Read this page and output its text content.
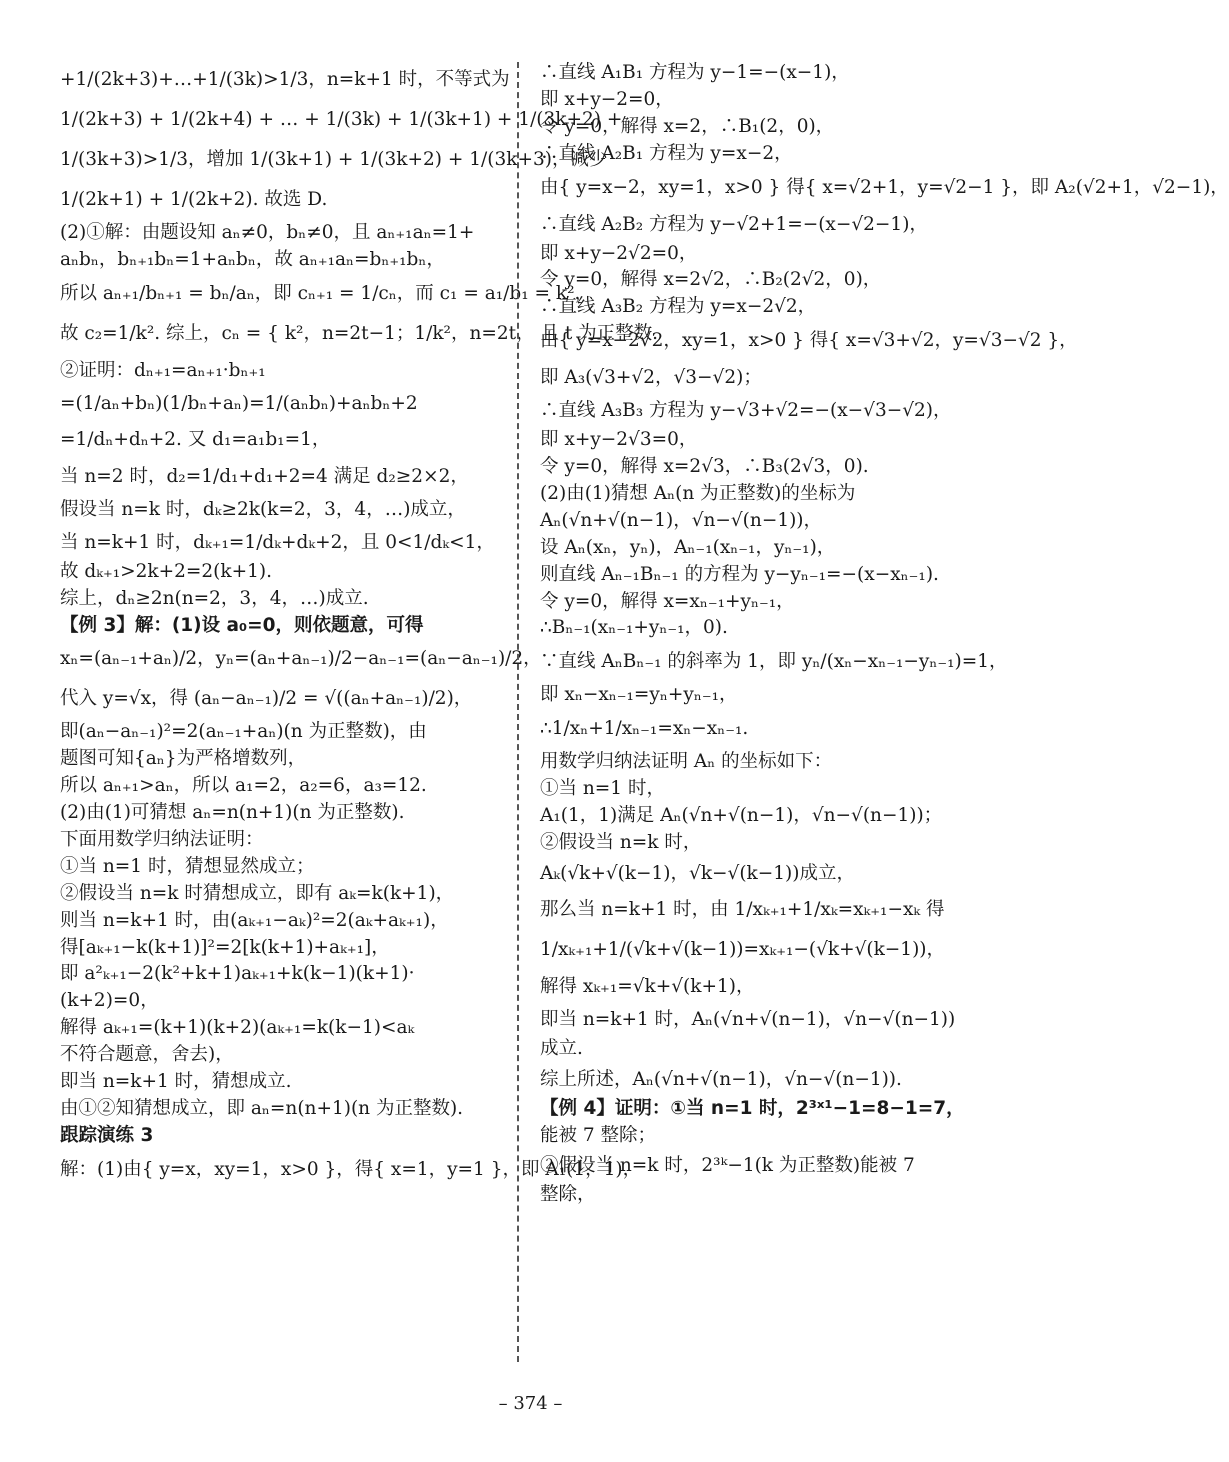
+1/(2k+3)+…+1/(3k)>1/3，n=k+1 时，不等式为
1/(2k+3) + 1/(2k+4) + … + 1/(3k) + 1/(3k+1) + 1/(3k+2) +
1/(3k+3)>1/3，增加 1/(3k+1) + 1/(3k+2) + 1/(3k+3)，减少
1/(2k+1) + 1/(2k+2). 故选 D.
(2)①解：由题设知 aₙ≠0，bₙ≠0，且 aₙ₊₁aₙ=1+
aₙbₙ，bₙ₊₁bₙ=1+aₙbₙ，故 aₙ₊₁aₙ=bₙ₊₁bₙ，
所以 aₙ₊₁/bₙ₊₁ = bₙ/aₙ，即 cₙ₊₁ = 1/cₙ，而 c₁ = a₁/b₁ = k²，
故 c₂=1/k². 综上，cₙ = { k²，n=2t−1；1/k²，n=2t， 且 t 为正整数.
②证明：dₙ₊₁=aₙ₊₁·bₙ₊₁
=(1/aₙ+bₙ)(1/bₙ+aₙ)=1/(aₙbₙ)+aₙbₙ+2
=1/dₙ+dₙ+2. 又 d₁=a₁b₁=1，
当 n=2 时，d₂=1/d₁+d₁+2=4 满足 d₂≥2×2，
假设当 n=k 时，dₖ≥2k(k=2，3，4，…)成立，
当 n=k+1 时，dₖ₊₁=1/dₖ+dₖ+2，且 0<1/dₖ<1，
故 dₖ₊₁>2k+2=2(k+1).
综上，dₙ≥2n(n=2，3，4，…)成立.
【例 3】解：(1)设 a₀=0，则依题意，可得
xₙ=(aₙ₋₁+aₙ)/2，yₙ=(aₙ+aₙ₋₁)/2−aₙ₋₁=(aₙ−aₙ₋₁)/2，
代入 y=√x，得 (aₙ−aₙ₋₁)/2 = √((aₙ+aₙ₋₁)/2)，
即(aₙ−aₙ₋₁)²=2(aₙ₋₁+aₙ)(n 为正整数)，由
题图可知{aₙ}为严格增数列，
所以 aₙ₊₁>aₙ，所以 a₁=2，a₂=6，a₃=12.
(2)由(1)可猜想 aₙ=n(n+1)(n 为正整数).
下面用数学归纳法证明：
①当 n=1 时，猜想显然成立；
②假设当 n=k 时猜想成立，即有 aₖ=k(k+1)，
则当 n=k+1 时，由(aₖ₊₁−aₖ)²=2(aₖ+aₖ₊₁)，
得[aₖ₊₁−k(k+1)]²=2[k(k+1)+aₖ₊₁]，
即 a²ₖ₊₁−2(k²+k+1)aₖ₊₁+k(k−1)(k+1)·
(k+2)=0，
解得 aₖ₊₁=(k+1)(k+2)(aₖ₊₁=k(k−1)<aₖ
不符合题意，舍去)，
即当 n=k+1 时，猜想成立.
由①②知猜想成立，即 aₙ=n(n+1)(n 为正整数).
跟踪演练 3
解：(1)由{ y=x，xy=1，x>0 }，得{ x=1，y=1 }，即 A₁(1，1)，
∴直线 A₁B₁ 方程为 y−1=−(x−1)，
即 x+y−2=0，
令 y=0，解得 x=2，∴B₁(2，0)，
∴直线 A₂B₁ 方程为 y=x−2，
由{ y=x−2，xy=1，x>0 } 得{ x=√2+1，y=√2−1 }，即 A₂(√2+1，√2−1)，
∴直线 A₂B₂ 方程为 y−√2+1=−(x−√2−1)，
即 x+y−2√2=0，
令 y=0，解得 x=2√2，∴B₂(2√2，0)，
∴直线 A₃B₂ 方程为 y=x−2√2，
由{ y=x−2√2，xy=1，x>0 } 得{ x=√3+√2，y=√3−√2 }，
即 A₃(√3+√2，√3−√2)；
∴直线 A₃B₃ 方程为 y−√3+√2=−(x−√3−√2)，
即 x+y−2√3=0，
令 y=0，解得 x=2√3，∴B₃(2√3，0).
(2)由(1)猜想 Aₙ(n 为正整数)的坐标为
Aₙ(√n+√(n−1)，√n−√(n−1))，
设 Aₙ(xₙ，yₙ)，Aₙ₋₁(xₙ₋₁，yₙ₋₁)，
则直线 Aₙ₋₁Bₙ₋₁ 的方程为 y−yₙ₋₁=−(x−xₙ₋₁).
令 y=0，解得 x=xₙ₋₁+yₙ₋₁，
∴Bₙ₋₁(xₙ₋₁+yₙ₋₁，0).
∵直线 AₙBₙ₋₁ 的斜率为 1，即 yₙ/(xₙ−xₙ₋₁−yₙ₋₁)=1，
即 xₙ−xₙ₋₁=yₙ+yₙ₋₁，
∴1/xₙ+1/xₙ₋₁=xₙ−xₙ₋₁.
用数学归纳法证明 Aₙ 的坐标如下：
①当 n=1 时，
A₁(1，1)满足 Aₙ(√n+√(n−1)，√n−√(n−1))；
②假设当 n=k 时，
Aₖ(√k+√(k−1)，√k−√(k−1))成立，
那么当 n=k+1 时，由 1/xₖ₊₁+1/xₖ=xₖ₊₁−xₖ 得
1/xₖ₊₁+1/(√k+√(k−1))=xₖ₊₁−(√k+√(k−1))，
解得 xₖ₊₁=√k+√(k+1)，
即当 n=k+1 时，Aₙ(√n+√(n−1)，√n−√(n−1))
成立.
综上所述，Aₙ(√n+√(n−1)，√n−√(n−1)).
【例 4】证明：①当 n=1 时，2³ˣ¹−1=8−1=7，
能被 7 整除；
②假设当 n=k 时，2³ᵏ−1(k 为正整数)能被 7
整除，
– 374 –
